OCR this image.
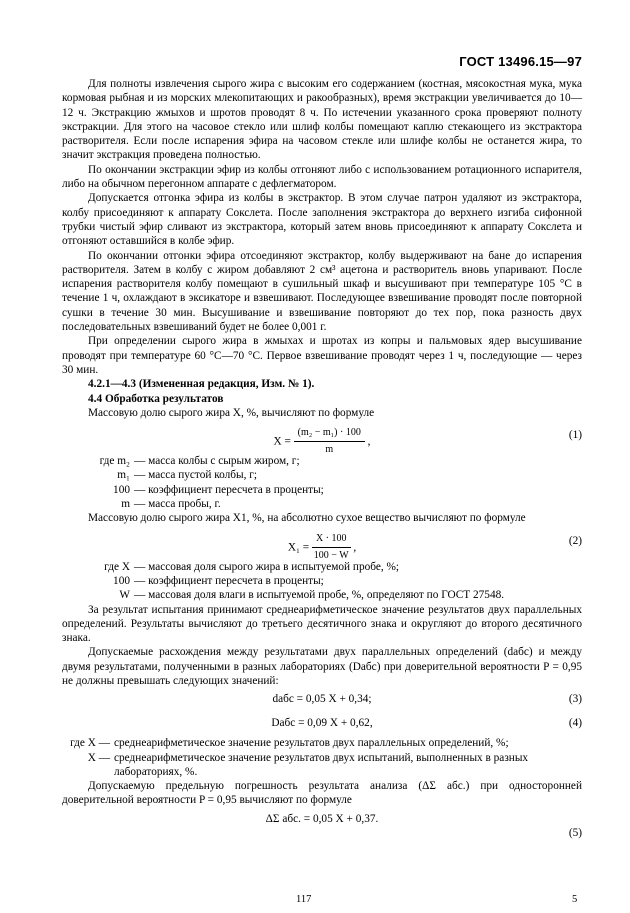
ГОСТ 13496.15—97

Для полноты извлечения сырого жира с высоким его содержанием (костная, мясокостная мука, мука кормовая рыбная и из морских млекопитающих и ракообразных), время экстракции увеличивается до 10—12 ч. Экстракцию жмыхов и шротов проводят 8 ч. По истечении указанного срока проверяют полноту экстракции. Для этого на часовое стекло или шлиф колбы помещают каплю стекающего из экстрактора растворителя. Если после испарения эфира на часовом стекле или шлифе колбы не останется жира, то значит экстракция проведена полностью.

По окончании экстракции эфир из колбы отгоняют либо с использованием ротационного испарителя, либо на обычном перегонном аппарате с дефлегматором.

Допускается отгонка эфира из колбы в экстрактор. В этом случае патрон удаляют из экстрактора, колбу присоединяют к аппарату Сокслета. После заполнения экстрактора до верхнего изгиба сифонной трубки чистый эфир сливают из экстрактора, который затем вновь присоединяют к аппарату Сокслета и отгоняют оставшийся в колбе эфир.

По окончании отгонки эфира отсоединяют экстрактор, колбу выдерживают на бане до испарения растворителя. Затем в колбу с жиром добавляют 2 см³ ацетона и растворитель вновь упаривают. После испарения растворителя колбу помещают в сушильный шкаф и высушивают при температуре 105 °С в течение 1 ч, охлаждают в эксикаторе и взвешивают. Последующее взвешивание проводят после повторной сушки в течение 30 мин. Высушивание и взвешивание повторяют до тех пор, пока разность двух последовательных взвешиваний будет не более 0,001 г.

При определении сырого жира в жмыхах и шротах из копры и пальмовых ядер высушивание проводят при температуре 60 °С—70 °С. Первое взвешивание проводят через 1 ч, последующие — через 30 мин.

4.2.1—4.3 (Измененная редакция, Изм. № 1).

4.4 Обработка результатов

Массовую долю сырого жира X, %, вычисляют по формуле

$X = \frac{\text{(m₂ − m₁) · 100}}{m}$ ,
(1)
где m₂ — масса колбы с сырым жиром, г;
m₁ — масса пустой колбы, г;
100 — коэффициент пересчета в проценты;
m — масса пробы, г.

Массовую долю сырого жира X1, %, на абсолютно сухое вещество вычисляют по формуле

$X_1 = \frac{X \cdot 100}{100 - W}$ ,
(2)
где X — массовая доля сырого жира в испытуемой пробе, %;
100 — коэффициент пересчета в проценты;
W — массовая доля влаги в испытуемой пробе, %, определяют по ГОСТ 27548.

За результат испытания принимают среднеарифметическое значение результатов двух параллельных определений. Результаты вычисляют до третьего десятичного знака и округляют до второго десятичного знака.

Допускаемые расхождения между результатами двух параллельных определений (dабс) и между двумя результатами, полученными в разных лабораториях (Dабс) при доверительной вероятности P = 0,95 не должны превышать следующих значений:

dабс = 0,05 X + 0,34;	(3)
Dабс = 0,09 X + 0,62,	(4)
где X — среднеарифметическое значение результатов двух параллельных определений, %;
X — среднеарифметическое значение результатов двух испытаний, выполненных в разных лабораториях, %.

Допускаемую предельную погрешность результата анализа (ΔΣ абс.) при односторонней доверительной вероятности P = 0,95 вычисляют по формуле

ΔΣ абс. = 0,05 X + 0,37.
(5)
117	5
